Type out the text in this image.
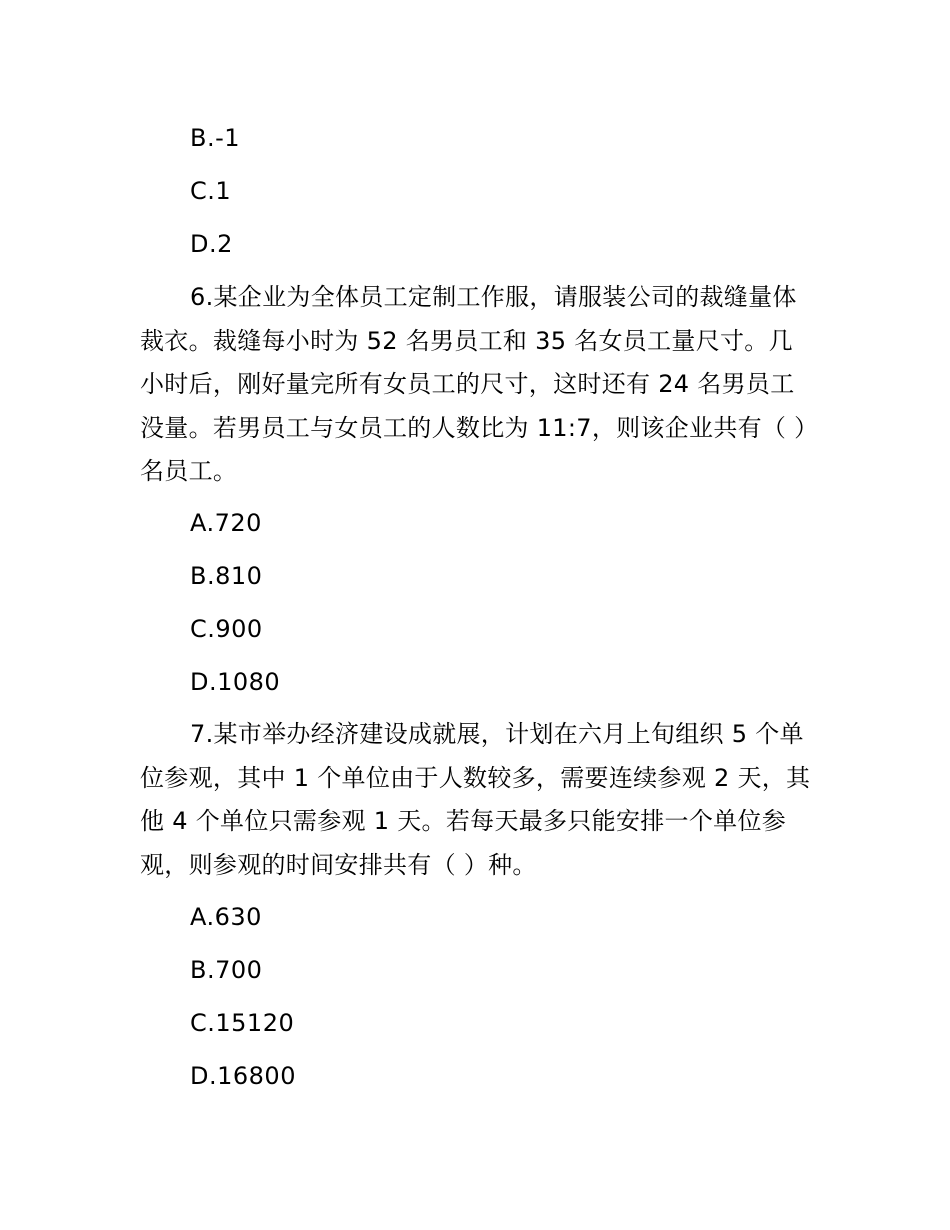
B.-1
C.1
D.2
6.某企业为全体员工定制工作服，请服装公司的裁缝量体裁衣。裁缝每小时为 52 名男员工和 35 名女员工量尺寸。几小时后，刚好量完所有女员工的尺寸，这时还有 24 名男员工没量。若男员工与女员工的人数比为 11:7，则该企业共有（ ）名员工。
A.720
B.810
C.900
D.1080
7.某市举办经济建设成就展，计划在六月上旬组织 5 个单位参观，其中 1 个单位由于人数较多，需要连续参观 2 天，其他 4 个单位只需参观 1 天。若每天最多只能安排一个单位参观，则参观的时间安排共有（ ）种。
A.630
B.700
C.15120
D.16800
